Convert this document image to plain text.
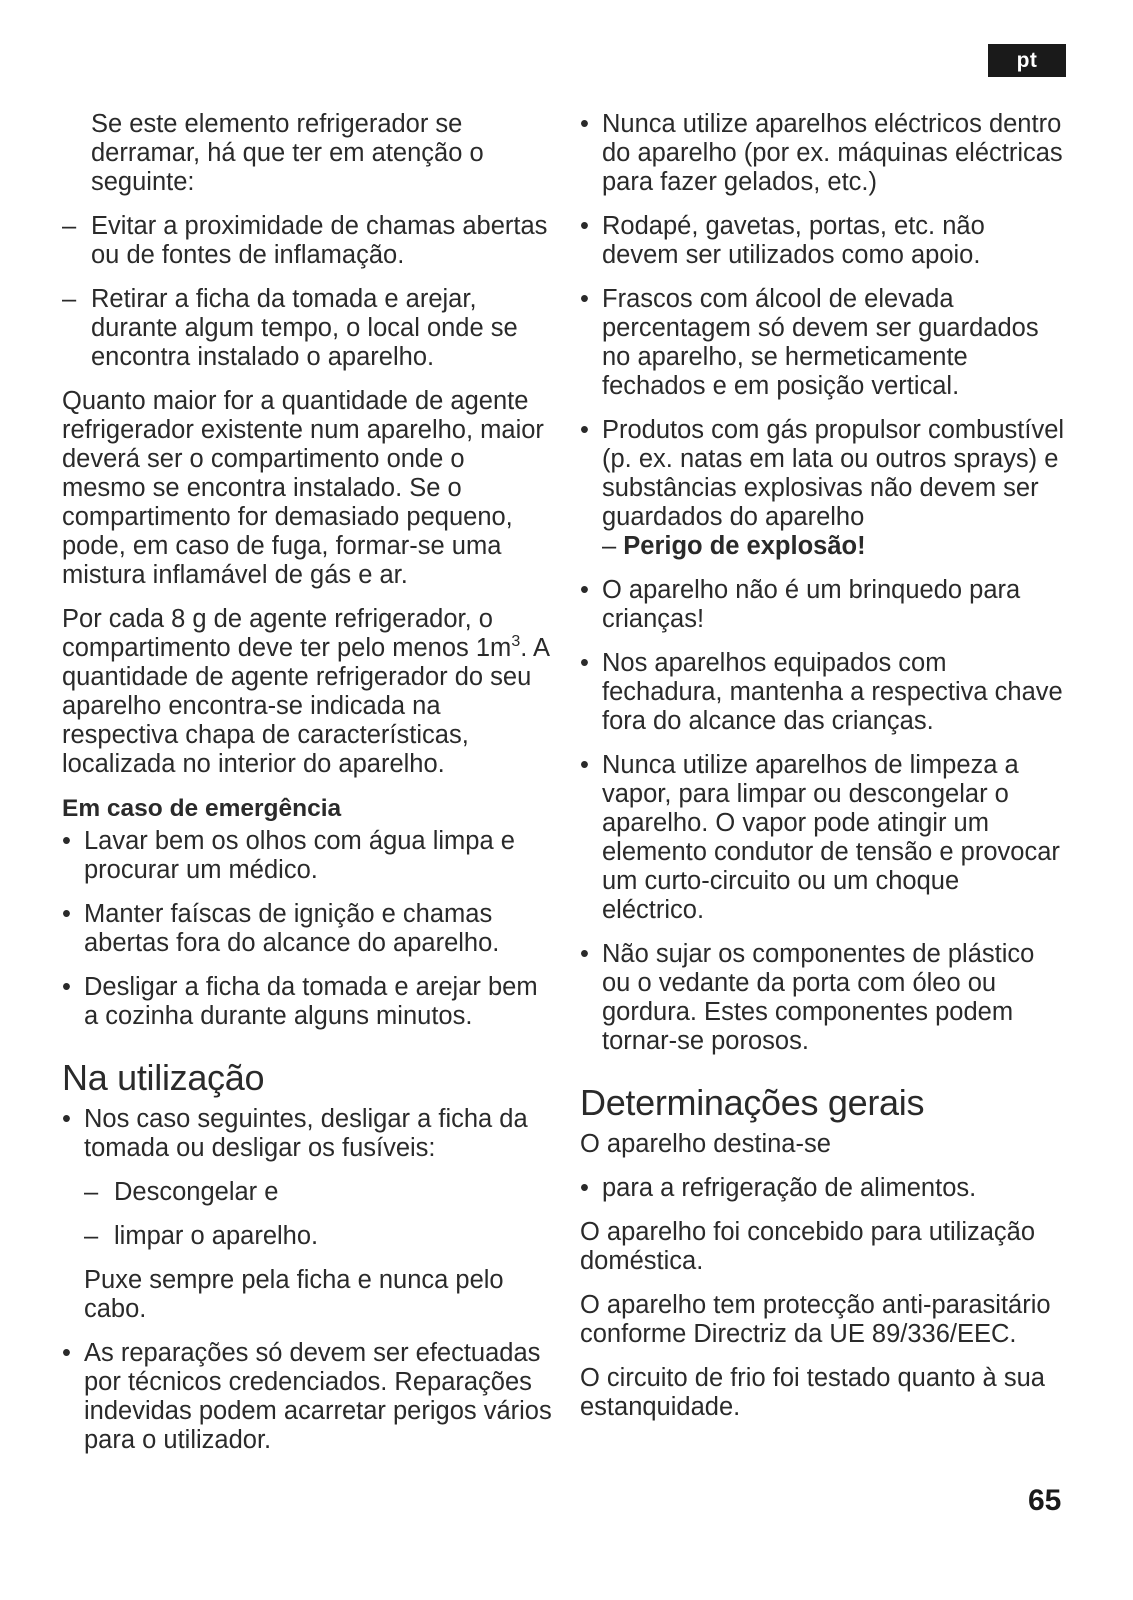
pt
Se este elemento refrigerador se derramar, há que ter em atenção o seguinte:
– Evitar a proximidade de chamas abertas ou de fontes de inflamação.
– Retirar a ficha da tomada e arejar, durante algum tempo, o local onde se encontra instalado o aparelho.
Quanto maior for a quantidade de agente refrigerador existente num aparelho, maior deverá ser o compartimento onde o mesmo se encontra instalado. Se o compartimento for demasiado pequeno, pode, em caso de fuga, formar-se uma mistura inflamável de gás e ar.
Por cada 8 g de agente refrigerador, o compartimento deve ter pelo menos $1m^3$. A quantidade de agente refrigerador do seu aparelho encontra-se indicada na respectiva chapa de características, localizada no interior do aparelho.
Em caso de emergência
• Lavar bem os olhos com água limpa e procurar um médico.
• Manter faíscas de ignição e chamas abertas fora do alcance do aparelho.
• Desligar a ficha da tomada e arejar bem a cozinha durante alguns minutos.
Na utilização
• Nos caso seguintes, desligar a ficha da tomada ou desligar os fusíveis:
– Descongelar e
– limpar o aparelho.
Puxe sempre pela ficha e nunca pelo cabo.
• As reparações só devem ser efectuadas por técnicos credenciados. Reparações indevidas podem acarretar perigos vários para o utilizador.
• Nunca utilize aparelhos eléctricos dentro do aparelho (por ex. máquinas eléctricas para fazer gelados, etc.)
• Rodapé, gavetas, portas, etc. não devem ser utilizados como apoio.
• Frascos com álcool de elevada percentagem só devem ser guardados no aparelho, se hermeticamente fechados e em posição vertical.
• Produtos com gás propulsor combustível (p. ex. natas em lata ou outros sprays) e substâncias explosivas não devem ser guardados do aparelho
– Perigo de explosão!
• O aparelho não é um brinquedo para crianças!
• Nos aparelhos equipados com fechadura, mantenha a respectiva chave fora do alcance das crianças.
• Nunca utilize aparelhos de limpeza a vapor, para limpar ou descongelar o aparelho. O vapor pode atingir um elemento condutor de tensão e provocar um curto-circuito ou um choque eléctrico.
• Não sujar os componentes de plástico ou o vedante da porta com óleo ou gordura. Estes componentes podem tornar-se porosos.
Determinações gerais
O aparelho destina-se
• para a refrigeração de alimentos.
O aparelho foi concebido para utilização doméstica.
O aparelho tem protecção anti-parasitário conforme Directriz da UE 89/336/EEC.
O circuito de frio foi testado quanto à sua estanquidade.
65
